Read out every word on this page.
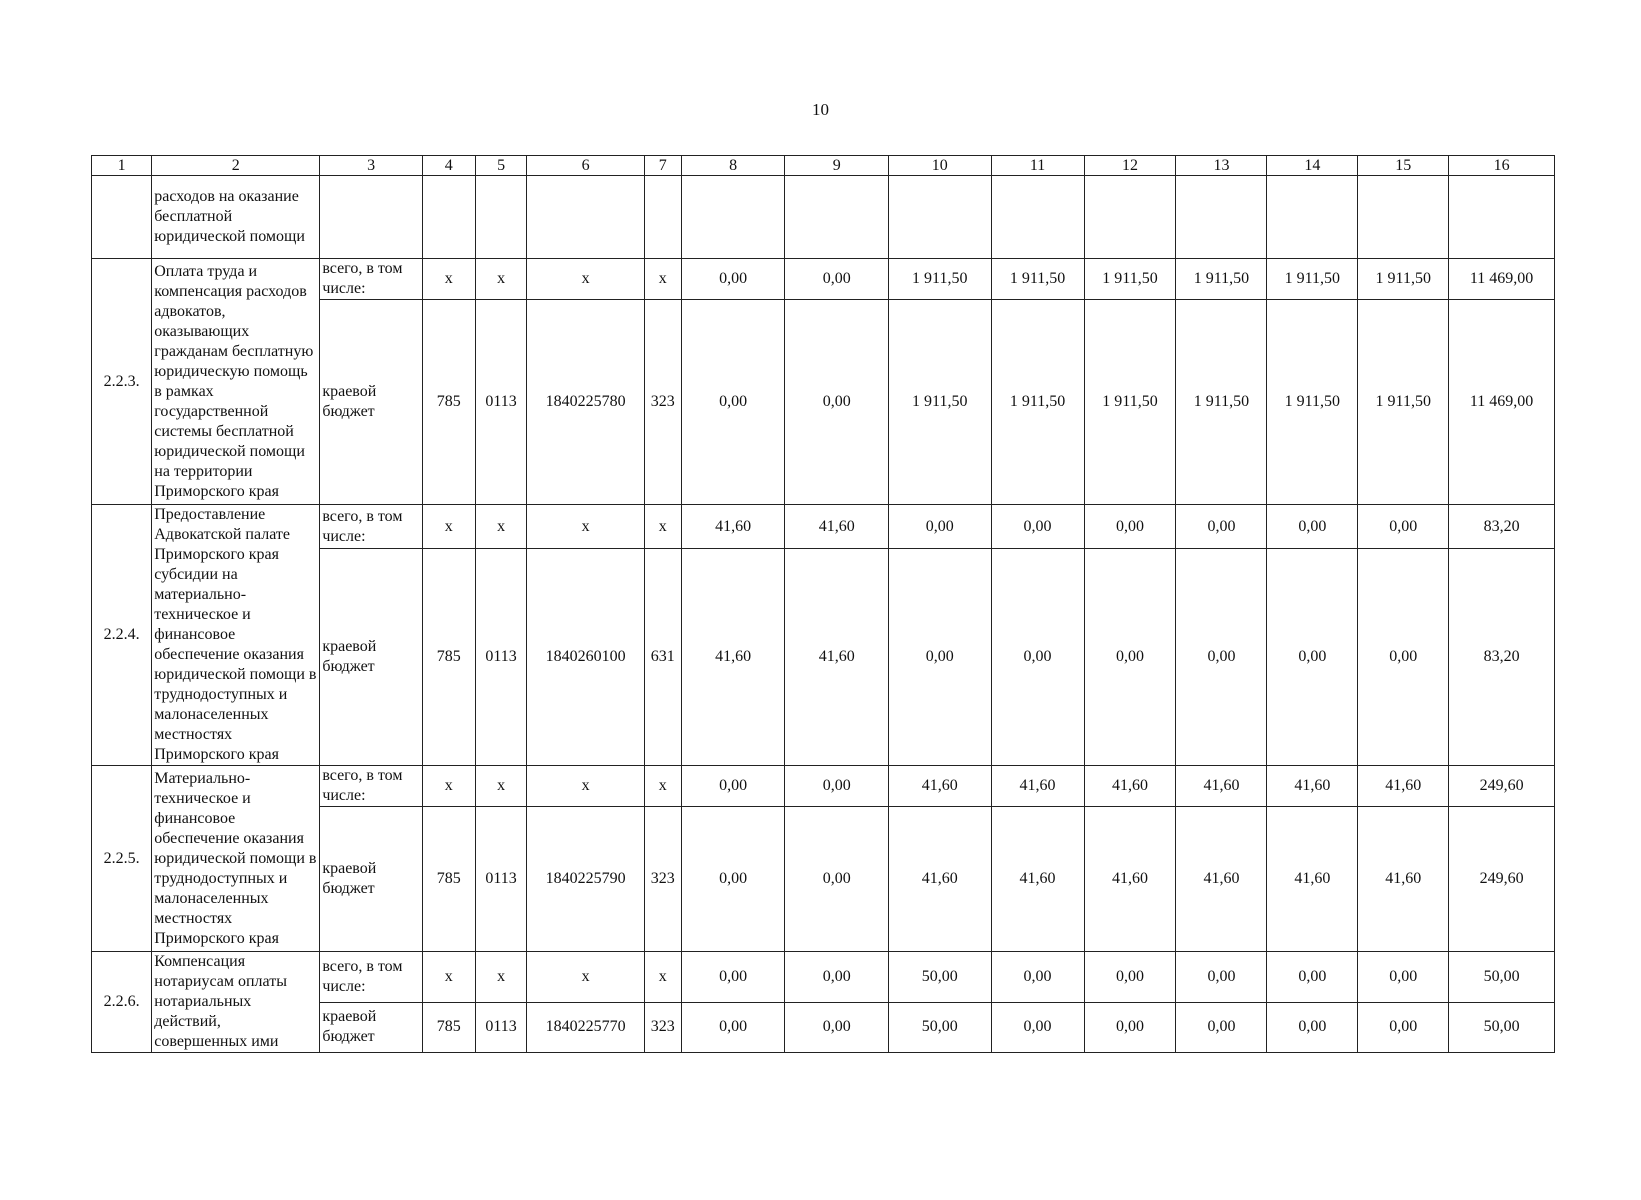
10
1	2	3	4	5	6	7	8	9	10	11	12	13	14	15	16
	расходов на оказание бесплатной юридической помощи														
2.2.3.	Оплата труда и компенсация расходов адвокатов, оказывающих гражданам бесплатную юридическую помощь в рамках государственной системы бесплатной юридической помощи на территории Приморского края	всего, в том числе:	х	х	х	х	0,00	0,00	1 911,50	1 911,50	1 911,50	1 911,50	1 911,50	1 911,50	11 469,00
		краевой бюджет	785	0113	1840225780	323	0,00	0,00	1 911,50	1 911,50	1 911,50	1 911,50	1 911,50	1 911,50	11 469,00
2.2.4.	Предоставление Адвокатской палате Приморского края субсидии на материально-техническое и финансовое обеспечение оказания юридической помощи в труднодоступных и малонаселенных местностях Приморского края	всего, в том числе:	х	х	х	х	41,60	41,60	0,00	0,00	0,00	0,00	0,00	0,00	83,20
		краевой бюджет	785	0113	1840260100	631	41,60	41,60	0,00	0,00	0,00	0,00	0,00	0,00	83,20
2.2.5.	Материально-техническое и финансовое обеспечение оказания юридической помощи в труднодоступных и малонаселенных местностях Приморского края	всего, в том числе:	х	х	х	х	0,00	0,00	41,60	41,60	41,60	41,60	41,60	41,60	249,60
		краевой бюджет	785	0113	1840225790	323	0,00	0,00	41,60	41,60	41,60	41,60	41,60	41,60	249,60
2.2.6.	Компенсация нотариусам оплаты нотариальных действий, совершенных ими	всего, в том числе:	х	х	х	х	0,00	0,00	50,00	0,00	0,00	0,00	0,00	0,00	50,00
		краевой бюджет	785	0113	1840225770	323	0,00	0,00	50,00	0,00	0,00	0,00	0,00	0,00	50,00
